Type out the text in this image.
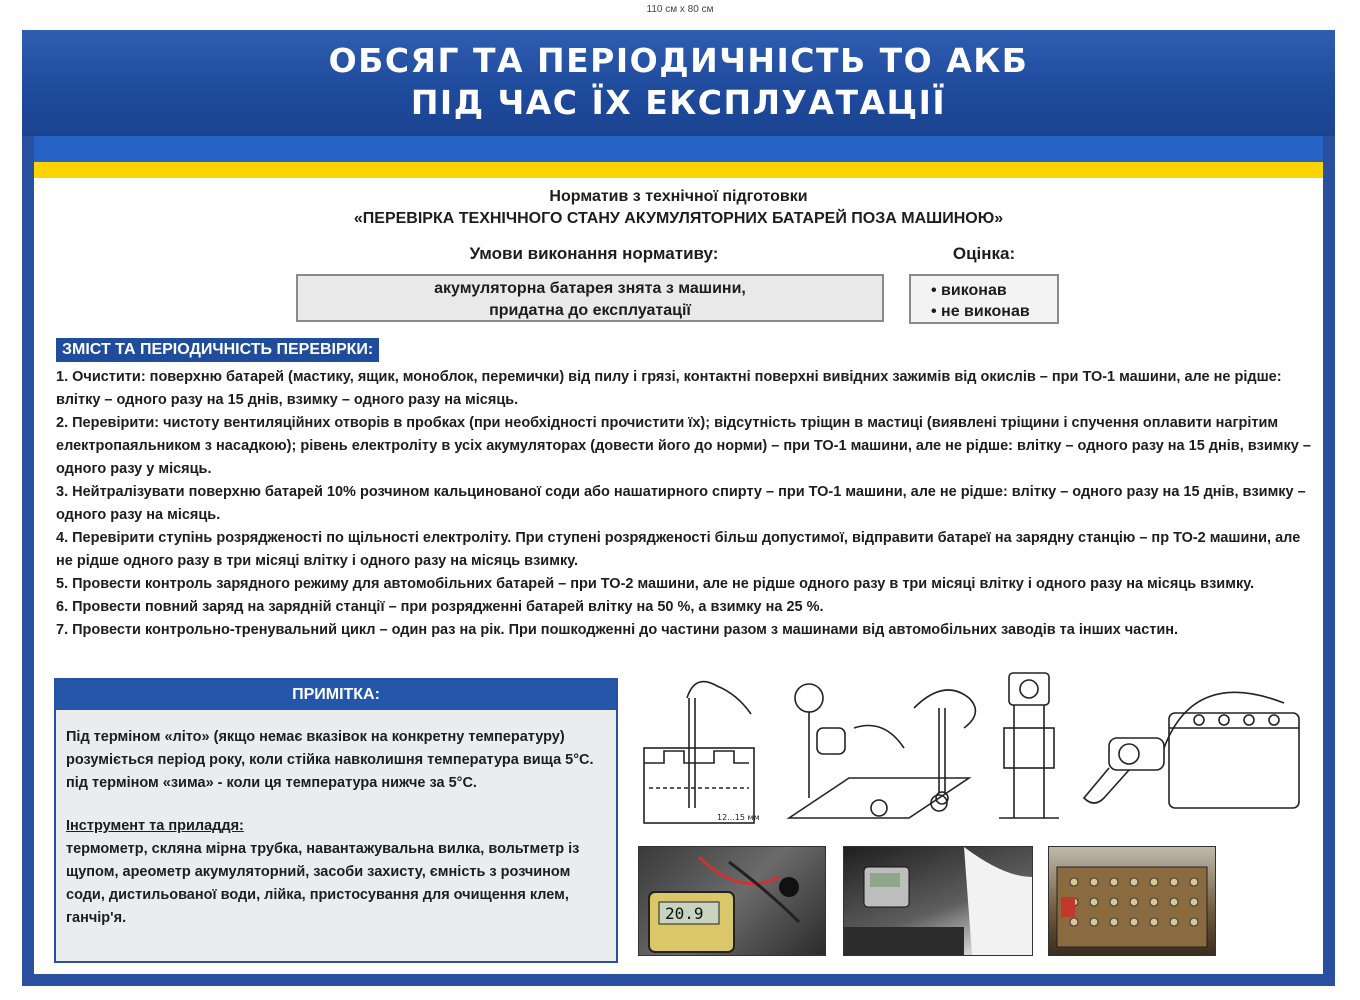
110 см х 80 см
ОБСЯГ ТА ПЕРІОДИЧНІСТЬ ТО АКБ
ПІД ЧАС ЇХ ЕКСПЛУАТАЦІЇ
Норматив з технічної підготовки
«ПЕРЕВІРКА ТЕХНІЧНОГО СТАНУ АКУМУЛЯТОРНИХ БАТАРЕЙ ПОЗА МАШИНОЮ»
Умови виконання нормативу:	Оцінка:
акумуляторна батарея знята з машини,
придатна до експлуатації
• виконав
• не виконав
ЗМІСТ ТА ПЕРІОДИЧНІСТЬ ПЕРЕВІРКИ:

1. Очистити: поверхню батарей (мастику, ящик, моноблок, перемички) від пилу і грязі, контактні поверхні вивідних зажимів від окислів – при ТО-1 машини, але не рідше: влітку – одного разу на 15 днів, взимку – одного разу на місяць.

2. Перевірити: чистоту вентиляційних отворів в пробках (при необхідності прочистити їх); відсутність тріщин в мастиці (виявлені тріщини і спучення оплавити нагрітим електропаяльником з насадкою); рівень електроліту в усіх акумуляторах (довести його до норми) – при ТО-1 машини, але не рідше: влітку – одного разу на 15 днів, взимку – одного разу у місяць.

3. Нейтралізувати поверхню батарей 10% розчином кальцинованої соди або нашатирного спирту – при ТО-1 машини, але не рідше: влітку – одного разу на 15 днів, взимку – одного разу на місяць.

4. Перевірити ступінь розрядженості по щільності електроліту. При ступені розрядженості більш допустимої, відправити батареї на зарядну станцію – пр ТО-2 машини, але не рідше одного разу в три місяці влітку і одного разу на місяць взимку.

5. Провести контроль зарядного режиму для автомобільних батарей – при ТО-2 машини, але не рідше одного разу в три місяці влітку і одного разу на місяць взимку.

6. Провести повний заряд на зарядній станції – при розрядженні батарей влітку на 50 %, а взимку на 25 %.

7. Провести контрольно-тренувальний цикл – один раз на рік. При пошкодженні до частини разом з машинами від автомобільних заводів та інших частин.

ПРИМІТКА:
Під терміном «літо» (якщо немає вказівок на конкретну температуру) розуміється період року, коли стійка навколишня температура вища 5°С. під терміном «зима» - коли ця температура нижче за 5°С.
Інструмент та приладдя:
термометр, скляна мірна трубка, навантажувальна вилка, вольтметр із щупом, ареометр акумуляторний, засоби захисту, ємність з розчином соди, дистильованої води, лійка, пристосування для очищення клем, ганчір'я.
12...15 мм
20.9
